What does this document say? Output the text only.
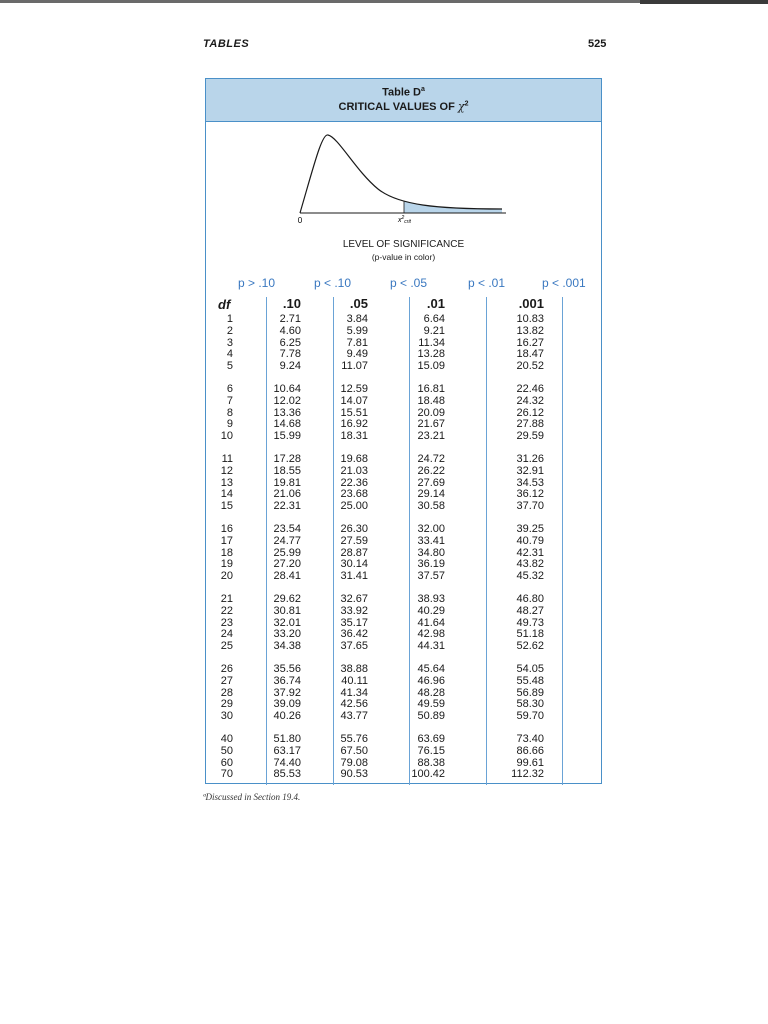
TABLES	525
Table $D^a$
CRITICAL VALUES OF $\chi^2$
0	$x^2_{crit}$
LEVEL OF SIGNIFICANCE
(p-value in color)
p > .10	p < .10	p < .05	p < .01	p < .001
df	.10	.05	.01	.001
1	2.71	3.84	6.64	10.83
2	4.60	5.99	9.21	13.82
3	6.25	7.81	11.34	16.27
4	7.78	9.49	13.28	18.47
5	9.24	11.07	15.09	20.52
6	10.64	12.59	16.81	22.46
7	12.02	14.07	18.48	24.32
8	13.36	15.51	20.09	26.12
9	14.68	16.92	21.67	27.88
10	15.99	18.31	23.21	29.59
11	17.28	19.68	24.72	31.26
12	18.55	21.03	26.22	32.91
13	19.81	22.36	27.69	34.53
14	21.06	23.68	29.14	36.12
15	22.31	25.00	30.58	37.70
16	23.54	26.30	32.00	39.25
17	24.77	27.59	33.41	40.79
18	25.99	28.87	34.80	42.31
19	27.20	30.14	36.19	43.82
20	28.41	31.41	37.57	45.32
21	29.62	32.67	38.93	46.80
22	30.81	33.92	40.29	48.27
23	32.01	35.17	41.64	49.73
24	33.20	36.42	42.98	51.18
25	34.38	37.65	44.31	52.62
26	35.56	38.88	45.64	54.05
27	36.74	40.11	46.96	55.48
28	37.92	41.34	48.28	56.89
29	39.09	42.56	49.59	58.30
30	40.26	43.77	50.89	59.70
40	51.80	55.76	63.69	73.40
50	63.17	67.50	76.15	86.66
60	74.40	79.08	88.38	99.61
70	85.53	90.53	100.42	112.32
ªDiscussed in Section 19.4.
